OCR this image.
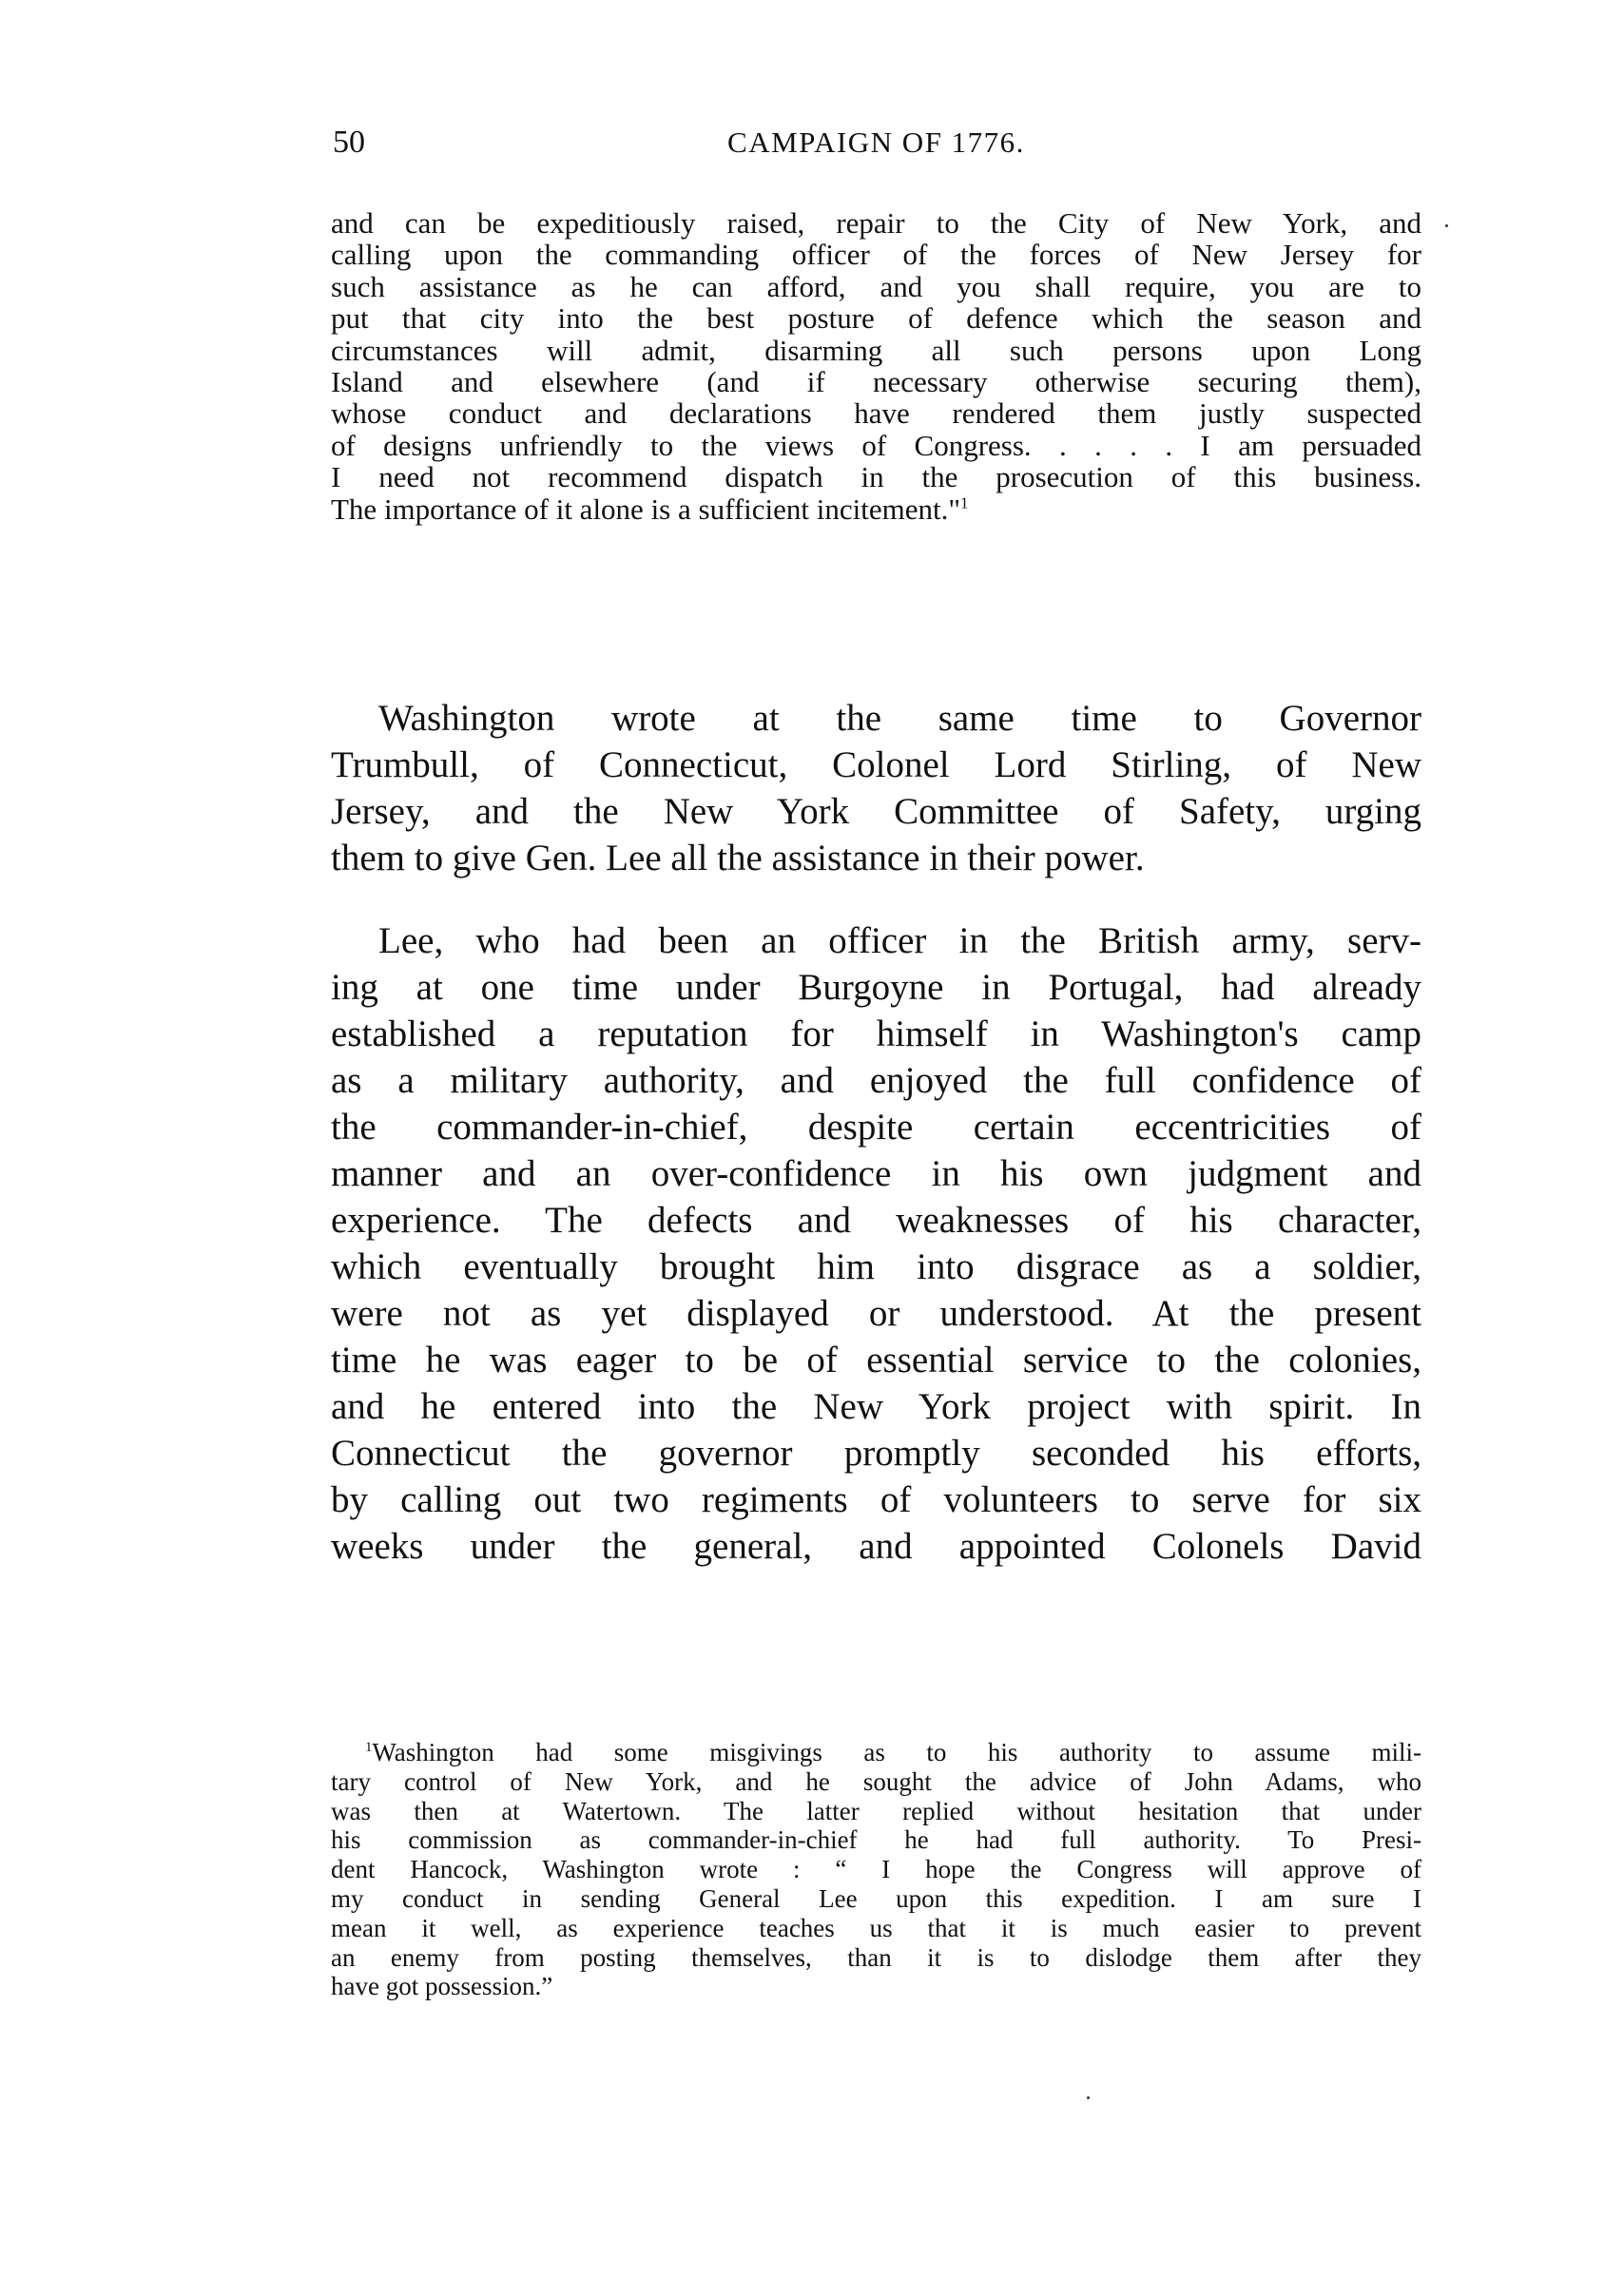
50	CAMPAIGN OF 1776.
and can be expeditiously raised, repair to the City of New York, and
calling upon the commanding officer of the forces of New Jersey for
such assistance as he can afford, and you shall require, you are to
put that city into the best posture of defence which the season and
circumstances will admit, disarming all such persons upon Long
Island and elsewhere (and if necessary otherwise securing them),
whose conduct and declarations have rendered them justly suspected
of designs unfriendly to the views of Congress. . . . . I am persuaded
I need not recommend dispatch in the prosecution of this business.
The importance of it alone is a sufficient incitement."$^1$
Washington wrote at the same time to Governor
Trumbull, of Connecticut, Colonel Lord Stirling, of New
Jersey, and the New York Committee of Safety, urging
them to give Gen. Lee all the assistance in their power.
Lee, who had been an officer in the British army, serv-
ing at one time under Burgoyne in Portugal, had already
established a reputation for himself in Washington's camp
as a military authority, and enjoyed the full confidence of
the commander-in-chief, despite certain eccentricities of
manner and an over-confidence in his own judgment and
experience. The defects and weaknesses of his character,
which eventually brought him into disgrace as a soldier,
were not as yet displayed or understood. At the present
time he was eager to be of essential service to the colonies,
and he entered into the New York project with spirit. In
Connecticut the governor promptly seconded his efforts,
by calling out two regiments of volunteers to serve for six
weeks under the general, and appointed Colonels David
$^1$Washington had some misgivings as to his authority to assume mili-
tary control of New York, and he sought the advice of John Adams, who
was then at Watertown. The latter replied without hesitation that under
his commission as commander-in-chief he had full authority. To Presi-
dent Hancock, Washington wrote : “ I hope the Congress will approve of
my conduct in sending General Lee upon this expedition. I am sure I
mean it well, as experience teaches us that it is much easier to prevent
an enemy from posting themselves, than it is to dislodge them after they
have got possession.”
